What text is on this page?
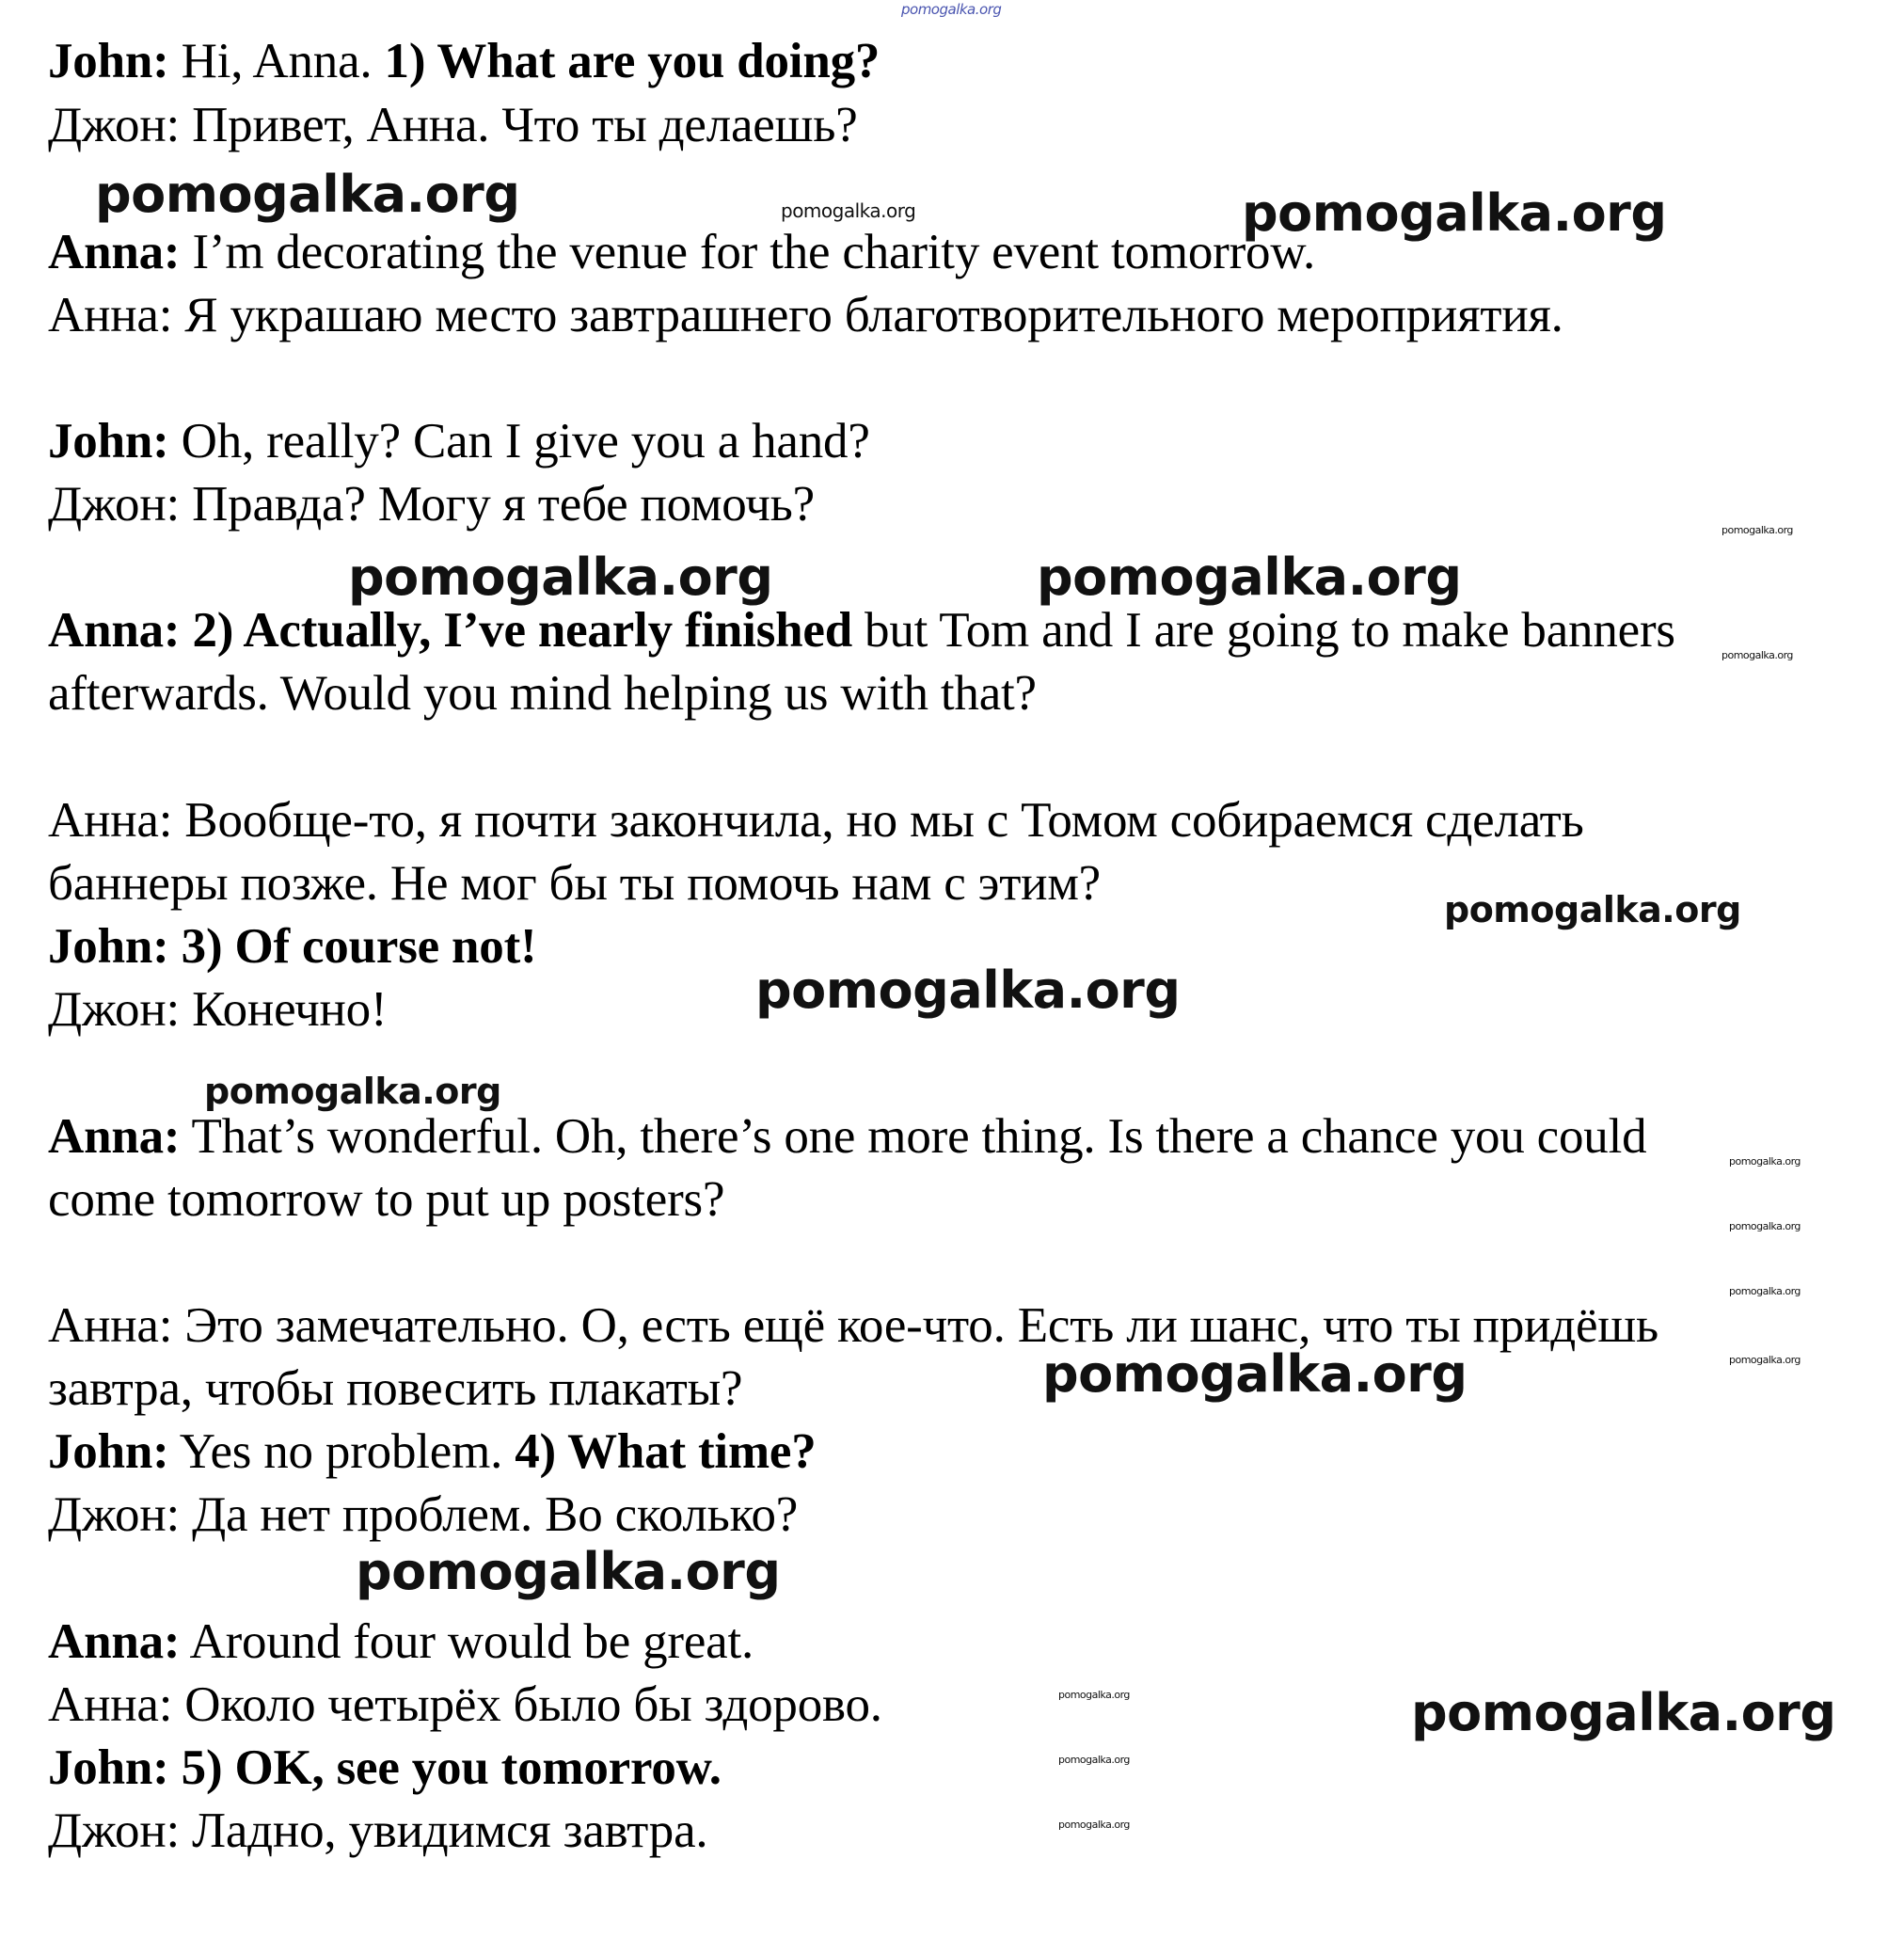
pomogalka.org
pomogalka.org	pomogalka.org	pomogalka.org
pomogalka.org
pomogalka.org	pomogalka.org
pomogalka.org
pomogalka.org
pomogalka.org
pomogalka.org
pomogalka.org
pomogalka.org
pomogalka.org
pomogalka.org
pomogalka.org
pomogalka.org
pomogalka.org	pomogalka.org
pomogalka.org
pomogalka.org
John: Hi, Anna. 1) What are you doing?
Джон: Привет, Анна. Что ты делаешь?
Anna: I’m decorating the venue for the charity event tomorrow.
Анна: Я украшаю место завтрашнего благотворительного мероприятия.
John: Oh, really? Can I give you a hand?
Джон: Правда? Могу я тебе помочь?
Anna: 2) Actually, I’ve nearly finished but Tom and I are going to make banners
afterwards. Would you mind helping us with that?
Анна: Вообще-то, я почти закончила, но мы с Томом собираемся сделать
баннеры позже. Не мог бы ты помочь нам с этим?
John: 3) Of course not!
Джон: Конечно!
Anna: That’s wonderful. Oh, there’s one more thing. Is there a chance you could
come tomorrow to put up posters?
Анна: Это замечательно. О, есть ещё кое-что. Есть ли шанс, что ты придёшь
завтра, чтобы повесить плакаты?
John: Yes no problem. 4) What time?
Джон: Да нет проблем. Во сколько?
Anna: Around four would be great.
Анна: Около четырёх было бы здорово.
John: 5) OK, see you tomorrow.
Джон: Ладно, увидимся завтра.
